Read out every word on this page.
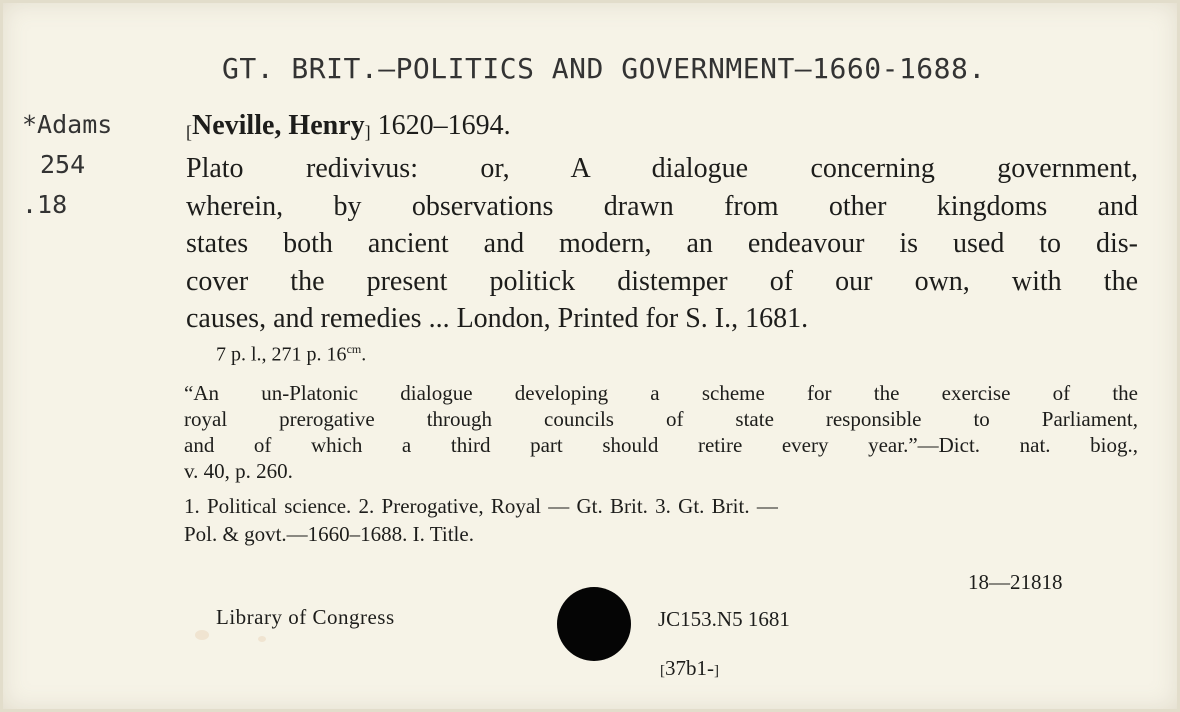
GT. BRIT.—POLITICS AND GOVERNMENT—1660-1688.
*Adams
254
.18
[Neville, Henry] 1620–1694.
Plato redivivus: or, A dialogue concerning government,
wherein, by observations drawn from other kingdoms and
states both ancient and modern, an endeavour is used to dis-
cover the present politick distemper of our own, with the
causes, and remedies ... London, Printed for S. I., 1681.
7 p. l., 271 p. $16^{cm}$.
“An un-Platonic dialogue developing a scheme for the exercise of the
royal prerogative through councils of state responsible to Parliament,
and of which a third part should retire every year.”—Dict. nat. biog.,
v. 40, p. 260.
1. Political science. 2. Prerogative, Royal — Gt. Brit. 3. Gt. Brit. —
Pol. & govt.—1660–1688. I. Title.
18—21818
Library of Congress	JC153.N5 1681
[37b1-]
